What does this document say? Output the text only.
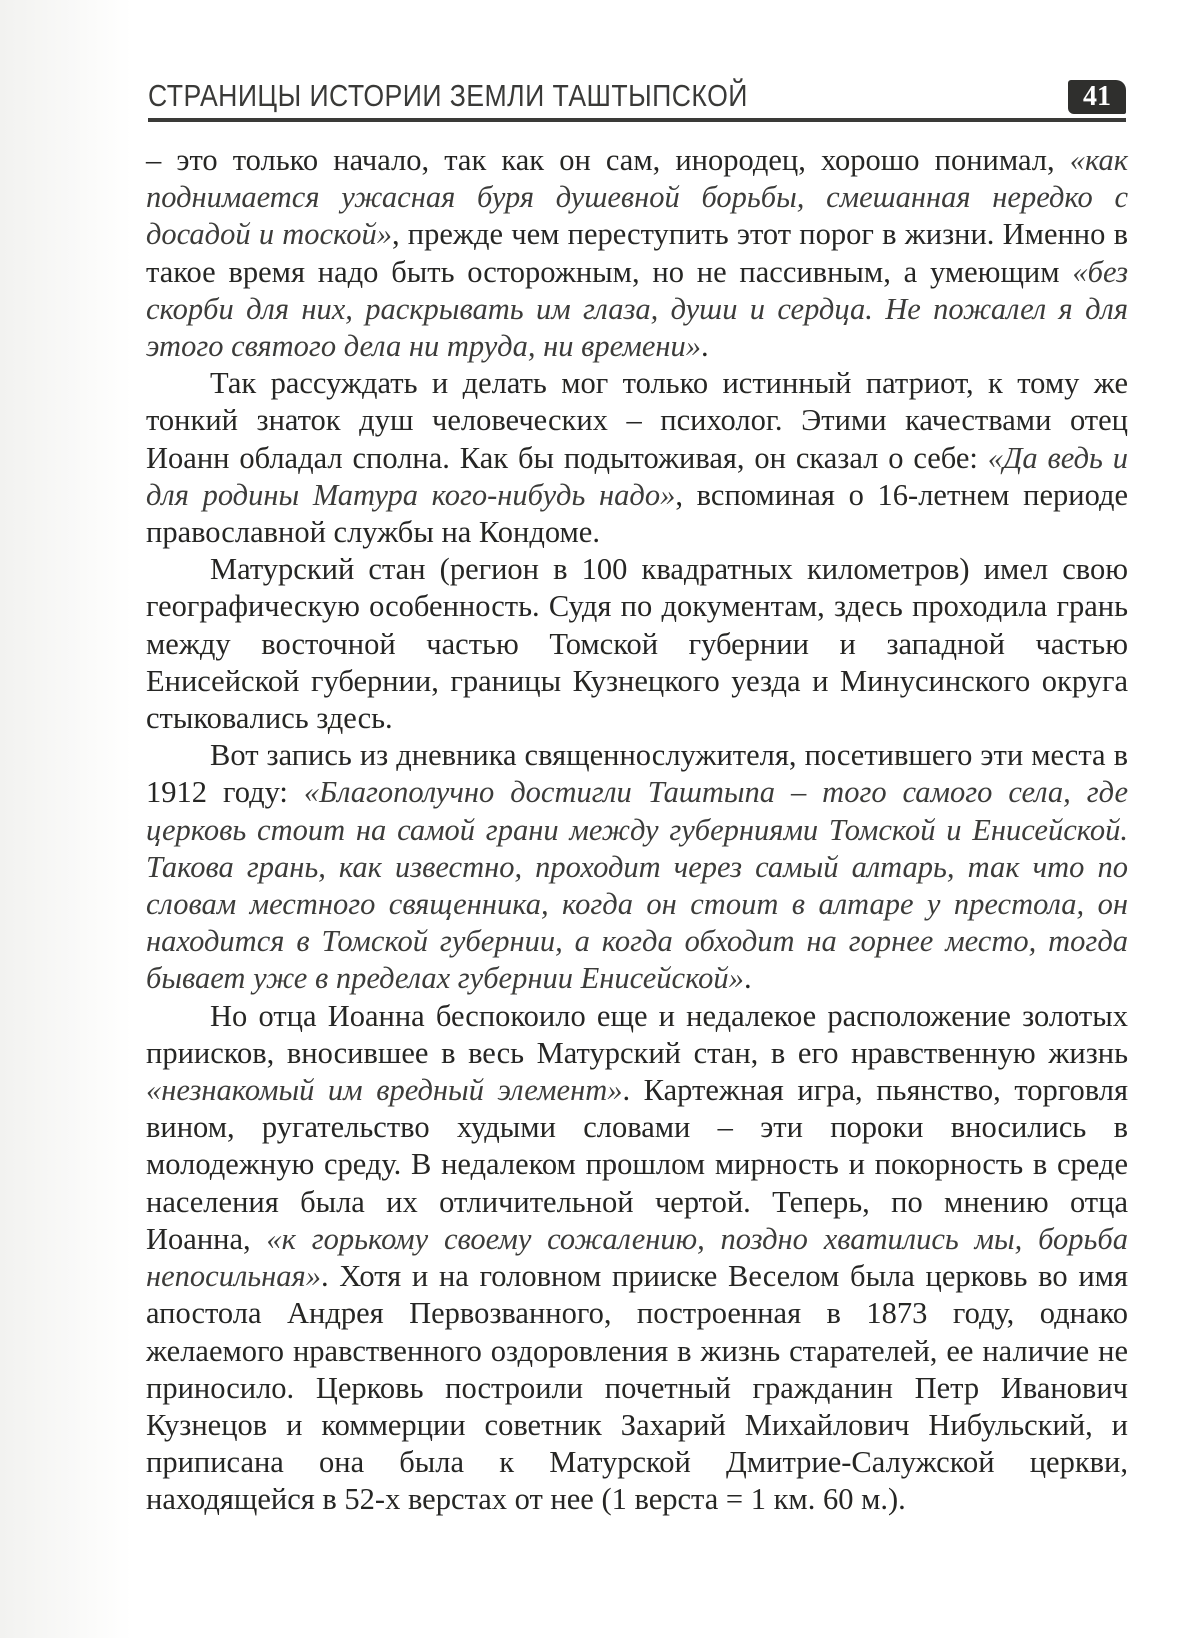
СТРАНИЦЫ ИСТОРИИ ЗЕМЛИ ТАШТЫПСКОЙ	41

– это только начало, так как он сам, инородец, хорошо понимал, «как поднимается ужасная буря душевной борьбы, смешанная нередко с досадой и тоской», прежде чем переступить этот порог в жизни. Именно в такое время надо быть осторожным, но не пассивным, а умеющим «без скорби для них, раскрывать им глаза, души и сердца. Не пожалел я для этого святого дела ни труда, ни времени».

Так рассуждать и делать мог только истинный патриот, к тому же тонкий знаток душ человеческих – психолог. Этими качествами отец Иоанн обладал сполна. Как бы подытоживая, он сказал о себе: «Да ведь и для родины Матура кого-нибудь надо», вспоминая о 16-летнем периоде православной службы на Кондоме.

Матурский стан (регион в 100 квадратных километров) имел свою географическую особенность. Судя по документам, здесь проходила грань между восточной частью Томской губернии и западной частью Енисейской губернии, границы Кузнецкого уезда и Минусинского округа стыковались здесь.

Вот запись из дневника священнослужителя, посетившего эти места в 1912 году: «Благополучно достигли Таштыпа – того самого села, где церковь стоит на самой грани между губерниями Томской и Енисейской. Такова грань, как известно, проходит через самый алтарь, так что по словам местного священника, когда он стоит в алтаре у престола, он находится в Томской губернии, а когда обходит на горнее место, тогда бывает уже в пределах губернии Енисейской».

Но отца Иоанна беспокоило еще и недалекое расположение золотых приисков, вносившее в весь Матурский стан, в его нравственную жизнь «незнакомый им вредный элемент». Картежная игра, пьянство, торговля вином, ругательство худыми словами – эти пороки вносились в молодежную среду. В недалеком прошлом мирность и покорность в среде населения была их отличительной чертой. Теперь, по мнению отца Иоанна, «к горькому своему сожалению, поздно хватились мы, борьба непосильная». Хотя и на головном прииске Веселом была церковь во имя апостола Андрея Первозванного, построенная в 1873 году, однако желаемого нравственного оздоровления в жизнь старателей, ее наличие не приносило. Церковь построили почетный гражданин Петр Иванович Кузнецов и коммерции советник Захарий Михайлович Нибульский, и приписана она была к Матурской Дмитрие-Салужской церкви, находящейся в 52-х верстах от нее (1 верста = 1 км. 60 м.).
